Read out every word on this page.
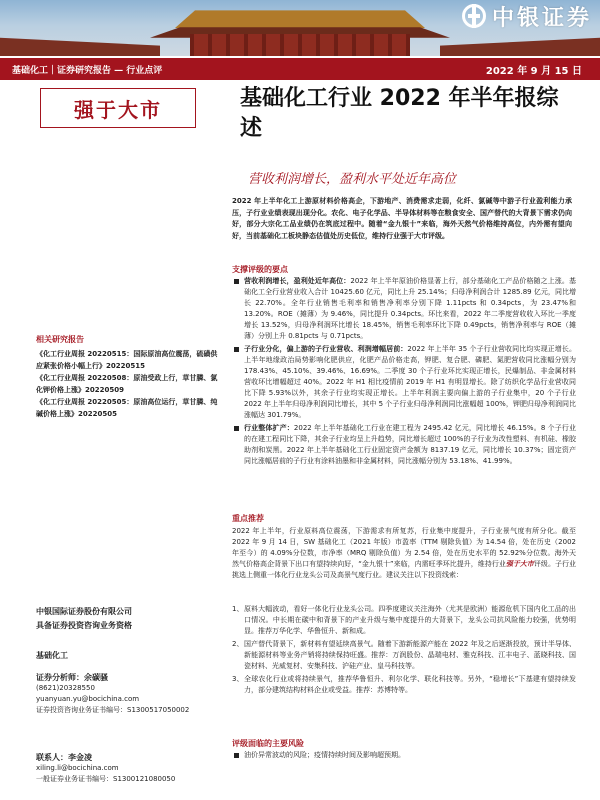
中银证券
基础化工｜证券研究报告 — 行业点评	2022 年 9 月 15 日
强于大市
相关研究报告
《化工行业周报 20220515：国际原油高位震荡，硫磺供应紧张价格小幅上行》20220515
《化工行业周报 20220508：原油受政上行，草甘膦、氯化钾价格上涨》20220509
《化工行业周报 20220505：原油高位运行，草甘膦、纯碱价格上涨》20220505
中银国际证券股份有限公司
具备证券投资咨询业务资格
基础化工
证券分析师：余碳骚
(8621)20328550
yuanyuan.yu@bocichina.com
证券投资咨询业务证书编号：S1300517050002
联系人：李金凌
xiling.li@bocichina.com
一般证券业务证书编号：S1300121080050
基础化工行业 2022 年半年报综述
营收利润增长，盈利水平处近年高位
2022 年上半年化工上游原材料价格高企，下游地产、消费需求走弱，化纤、氯碱等中游子行业盈利能力承压，子行业业绩表现出现分化。农化、电子化学品、半导体材料等在粮食安全、国产替代的大背景下需求仍向好，部分大宗化工品业绩仍在筑底过程中。随着“金九银十”来临，海外天然气价格维持高位，内外需有望向好，当前基础化工板块静态估值处历史低位，维持行业强于大市评级。
支撑评级的要点
营收利润增长，盈利处近年高位：2022 年上半年原油价格显著上行，部分基础化工产品价格随之上涨。基础化工全行业营业收入合计 10425.60 亿元，同比上升 25.14%；归母净利润合计 1285.89 亿元，同比增长 22.70%。全年行业销售毛利率和销售净利率分别下降 1.11pcts 和 0.34pcts，为 23.47%和 13.20%。ROE（摊薄）为 9.46%，同比提升 0.34pcts。环比来看，2022 年二季度营收收入环比一季度增长 13.52%，归母净利润环比增长 18.45%，销售毛利率环比下降 0.49pcts，销售净利率与 ROE（摊薄）分别上升 0.81pcts 与 0.71pcts。
子行业分化，偏上游的子行业营收、利润增幅居前：2022 年上半年 35 个子行业营收同比均实现正增长。上半年地缘政治局势影响化肥供应，化肥产品价格走高，钾肥、复合肥、磷肥、氮肥营收同比涨幅分别为 178.43%、45.10%、39.46%、16.69%。二季度 30 个子行业环比实现正增长，民爆制品、非金属材料营收环比增幅超过 40%。2022 年 H1 相比疫情前 2019 年 H1 有明显增长。除了纺织化学品行业营收同比下降 5.93%以外，其余子行业均实现正增长。上半年利润主要向偏上游的子行业集中，20 个子行业 2022 年上半年归母净利润同比增长，其中 5 个子行业归母净利润同比涨幅超 100%，钾肥归母净利润同比涨幅达 301.79%。
行业整体扩产：2022 年上半年基础化工行业在建工程为 2495.42 亿元，同比增长 46.15%。8 个子行业的在建工程同比下降，其余子行业均呈上升趋势，同比增长超过 100%的子行业为改性塑料、有机硅、橡胶助剂和炭黑。2022 年上半年基础化工行业固定资产金额为 8137.19 亿元，同比增长 10.37%；固定资产同比涨幅居前的子行业有涂料油墨和非金属材料，同比涨幅分别为 53.18%、41.99%。
重点推荐
2022 年上半年，行业原料高位震荡，下游需求有所复苏，行业集中度提升，子行业景气度有所分化。截至 2022 年 9 月 14 日，SW 基础化工（2021 年版）市盈率（TTM 剔除负值）为 14.54 倍，处在历史（2002 年至今）的 4.09%分位数，市净率（MRQ 剔除负值）为 2.54 倍，处在历史水平的 52.92%分位数。海外天然气价格高企背景下出口有望持续向好，“金九银十”来临，内需旺季环比提升，维持行业强于大市评级。子行业挑选上侧重一体化行业龙头公司及高景气度行业。建议关注以下投资线索：
1、 原料大幅波动，看好一体化行业龙头公司。四季度建议关注海外（尤其是欧洲）能源危机下国内化工品的出口情况。中长期在碳中和背景下的产业升级与集中度提升的大背景下，龙头公司抗风险能力较强，优势明显。推荐万华化学、华鲁恒升、新和成。
2、 国产替代背景下，新材料有望延续高景气。随着下游新能源产能在 2022 年及之后逐渐投放，预计半导体、新能源材料等业务产销将持续保持旺盛。推荐：万润股份、晶瑞电材、雅克科技、江丰电子、蓝晓科技、国瓷材料、光威复材、安集科技、沪硅产业、皇马科技等。
3、 全球农化行业或将持续景气，推荐华鲁恒升、利尔化学、联化科技等。另外，“稳增长”下基建有望持续发力，部分建筑结构材料企业或受益。推荐：苏博特等。
评级面临的主要风险
油价异常波动的风险；疫情持续时间及影响超预期。
